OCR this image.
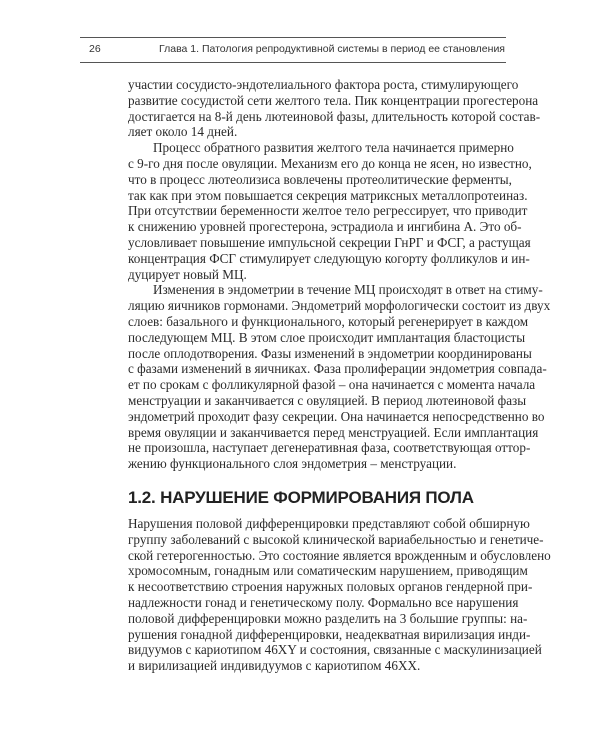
26	Глава 1. Патология репродуктивной системы в период ее становления
участии сосудисто-эндотелиального фактора роста, стимулирующего
развитие сосудистой сети желтого тела. Пик концентрации прогестерона
достигается на 8-й день лютеиновой фазы, длительность которой состав-
ляет около 14 дней.
Процесс обратного развития желтого тела начинается примерно
с 9-го дня после овуляции. Механизм его до конца не ясен, но известно,
что в процесс лютеолизиса вовлечены протеолитические ферменты,
так как при этом повышается секреция матриксных металлопротеиназ.
При отсутствии беременности желтое тело регрессирует, что приводит
к снижению уровней прогестерона, эстрадиола и ингибина А. Это об-
условливает повышение импульсной секреции ГнРГ и ФСГ, а растущая
концентрация ФСГ стимулирует следующую когорту фолликулов и ин-
дуцирует новый МЦ.
Изменения в эндометрии в течение МЦ происходят в ответ на стиму-
ляцию яичников гормонами. Эндометрий морфологически состоит из двух
слоев: базального и функционального, который регенерирует в каждом
последующем МЦ. В этом слое происходит имплантация бластоцисты
после оплодотворения. Фазы изменений в эндометрии координированы
с фазами изменений в яичниках. Фаза пролиферации эндометрия совпада-
ет по срокам с фолликулярной фазой – она начинается с момента начала
менструации и заканчивается с овуляцией. В период лютеиновой фазы
эндометрий проходит фазу секреции. Она начинается непосредственно во
время овуляции и заканчивается перед менструацией. Если имплантация
не произошла, наступает дегенеративная фаза, соответствующая оттор-
жению функционального слоя эндометрия – менструации.
1.2. НАРУШЕНИЕ ФОРМИРОВАНИЯ ПОЛА
Нарушения половой дифференцировки представляют собой обширную
группу заболеваний с высокой клинической вариабельностью и генетиче-
ской гетерогенностью. Это состояние является врожденным и обусловлено
хромосомным, гонадным или соматическим нарушением, приводящим
к несоответствию строения наружных половых органов гендерной при-
надлежности гонад и генетическому полу. Формально все нарушения
половой дифференцировки можно разделить на 3 большие группы: на-
рушения гонадной дифференцировки, неадекватная вирилизация инди-
видуумов с кариотипом 46XY и состояния, связанные с маскулинизацией
и вирилизацией индивидуумов с кариотипом 46XX.
